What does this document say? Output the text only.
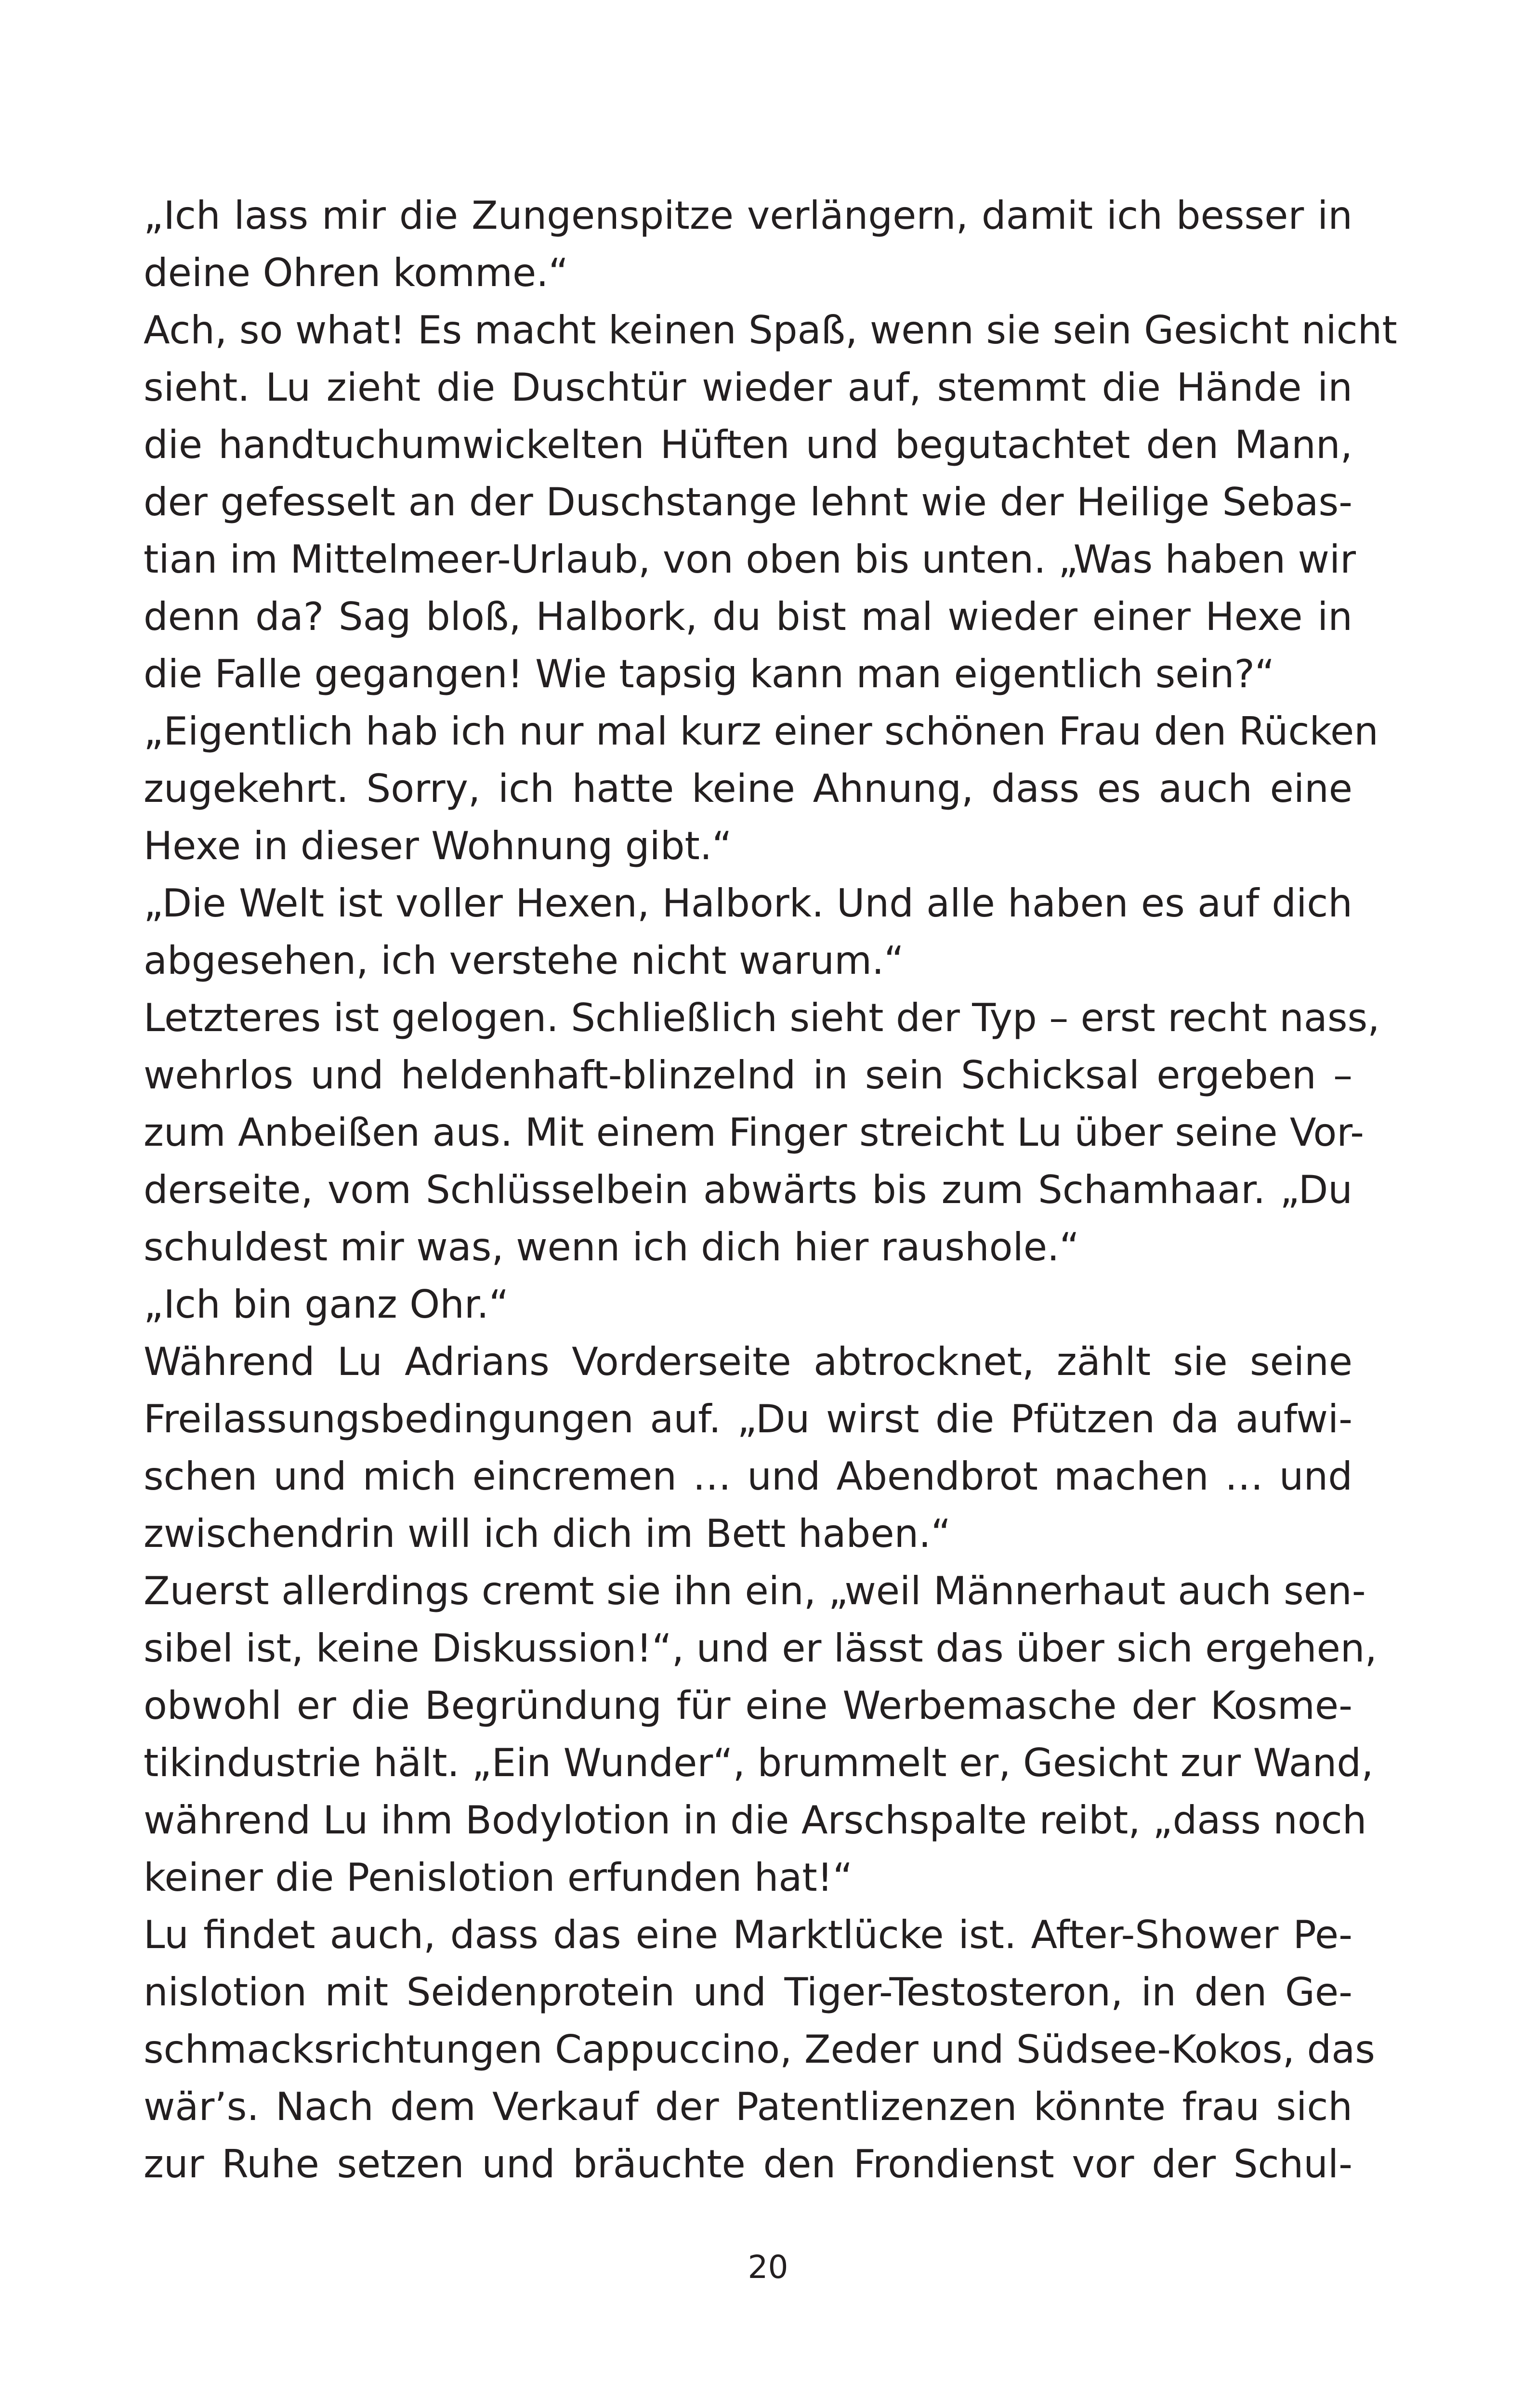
„Ich lass mir die Zungenspitze verlängern, damit ich besser in
deine Ohren komme.“
Ach, so what! Es macht keinen Spaß, wenn sie sein Gesicht nicht
sieht. Lu zieht die Duschtür wieder auf, stemmt die Hände in
die handtuchumwickelten Hüften und begutachtet den Mann,
der gefesselt an der Duschstange lehnt wie der Heilige Sebas-
tian im Mittelmeer-Urlaub, von oben bis unten. „Was haben wir
denn da? Sag bloß, Halbork, du bist mal wieder einer Hexe in
die Falle gegangen! Wie tapsig kann man eigentlich sein?“
„Eigentlich hab ich nur mal kurz einer schönen Frau den Rücken
zugekehrt. Sorry, ich hatte keine Ahnung, dass es auch eine
Hexe in dieser Wohnung gibt.“
„Die Welt ist voller Hexen, Halbork. Und alle haben es auf dich
abgesehen, ich verstehe nicht warum.“
Letzteres ist gelogen. Schließlich sieht der Typ – erst recht nass,
wehrlos und heldenhaft-blinzelnd in sein Schicksal ergeben –
zum Anbeißen aus. Mit einem Finger streicht Lu über seine Vor-
derseite, vom Schlüsselbein abwärts bis zum Schamhaar. „Du
schuldest mir was, wenn ich dich hier raushole.“
„Ich bin ganz Ohr.“
Während Lu Adrians Vorderseite abtrocknet, zählt sie seine
Freilassungsbedingungen auf. „Du wirst die Pfützen da aufwi-
schen und mich eincremen … und Abendbrot machen … und
zwischendrin will ich dich im Bett haben.“
Zuerst allerdings cremt sie ihn ein, „weil Männerhaut auch sen-
sibel ist, keine Diskussion!“, und er lässt das über sich ergehen,
obwohl er die Begründung für eine Werbemasche der Kosme-
tikindustrie hält. „Ein Wunder“, brummelt er, Gesicht zur Wand,
während Lu ihm Bodylotion in die Arschspalte reibt, „dass noch
keiner die Penislotion erfunden hat!“
Lu findet auch, dass das eine Marktlücke ist. After-Shower Pe-
nislotion mit Seidenprotein und Tiger-Testosteron, in den Ge-
schmacksrichtungen Cappuccino, Zeder und Südsee-Kokos, das
wär’s. Nach dem Verkauf der Patentlizenzen könnte frau sich
zur Ruhe setzen und bräuchte den Frondienst vor der Schul-
20
